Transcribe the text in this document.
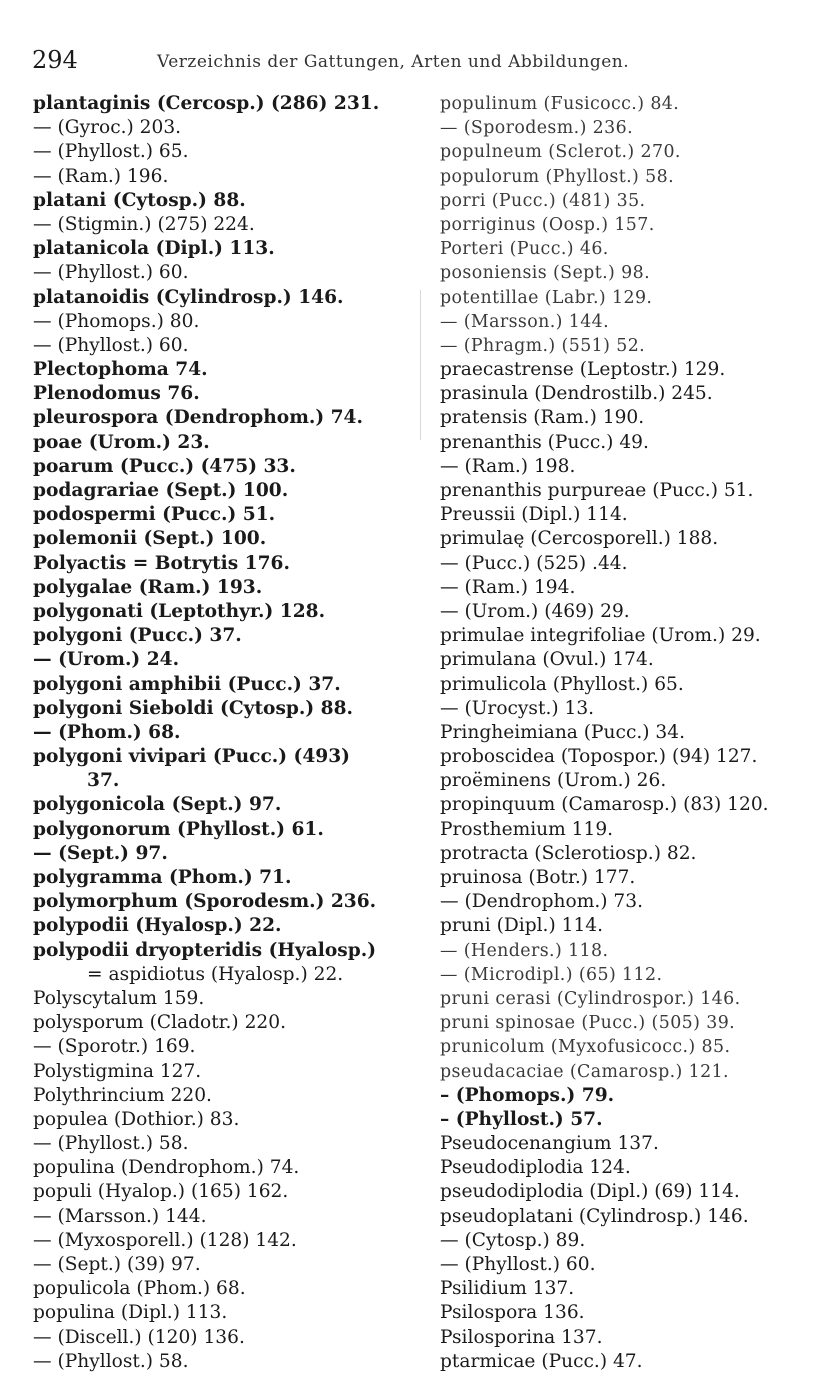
294	Verzeichnis der Gattungen, Arten und Abbildungen.
plantaginis (Cercosp.) (286) 231.
— (Gyroc.) 203.
— (Phyllost.) 65.
— (Ram.) 196.
platani (Cytosp.) 88.
— (Stigmin.) (275) 224.
platanicola (Dipl.) 113.
— (Phyllost.) 60.
platanoidis (Cylindrosp.) 146.
— (Phomops.) 80.
— (Phyllost.) 60.
Plectophoma 74.
Plenodomus 76.
pleurospora (Dendrophom.) 74.
poae (Urom.) 23.
poarum (Pucc.) (475) 33.
podagrariae (Sept.) 100.
podospermi (Pucc.) 51.
polemonii (Sept.) 100.
Polyactis = Botrytis 176.
polygalae (Ram.) 193.
polygonati (Leptothyr.) 128.
polygoni (Pucc.) 37.
— (Urom.) 24.
polygoni amphibii (Pucc.) 37.
polygoni Sieboldi (Cytosp.) 88.
— (Phom.) 68.
polygoni vivipari (Pucc.) (493)
37.
polygonicola (Sept.) 97.
polygonorum (Phyllost.) 61.
— (Sept.) 97.
polygramma (Phom.) 71.
polymorphum (Sporodesm.) 236.
polypodii (Hyalosp.) 22.
polypodii dryopteridis (Hyalosp.)
= aspidiotus (Hyalosp.) 22.
Polyscytalum 159.
polysporum (Cladotr.) 220.
— (Sporotr.) 169.
Polystigmina 127.
Polythrincium 220.
populea (Dothior.) 83.
— (Phyllost.) 58.
populina (Dendrophom.) 74.
populi (Hyalop.) (165) 162.
— (Marsson.) 144.
— (Myxosporell.) (128) 142.
— (Sept.) (39) 97.
populicola (Phom.) 68.
populina (Dipl.) 113.
— (Discell.) (120) 136.
— (Phyllost.) 58.
populinum (Fusicocc.) 84.
— (Sporodesm.) 236.
populneum (Sclerot.) 270.
populorum (Phyllost.) 58.
porri (Pucc.) (481) 35.
porriginus (Oosp.) 157.
Porteri (Pucc.) 46.
posoniensis (Sept.) 98.
potentillae (Labr.) 129.
— (Marsson.) 144.
— (Phragm.) (551) 52.
praecastrense (Leptostr.) 129.
prasinula (Dendrostilb.) 245.
pratensis (Ram.) 190.
prenanthis (Pucc.) 49.
— (Ram.) 198.
prenanthis purpureae (Pucc.) 51.
Preussii (Dipl.) 114.
primulaę (Cercosporell.) 188.
— (Pucc.) (525) .44.
— (Ram.) 194.
— (Urom.) (469) 29.
primulae integrifoliae (Urom.) 29.
primulana (Ovul.) 174.
primulicola (Phyllost.) 65.
— (Urocyst.) 13.
Pringheimiana (Pucc.) 34.
proboscidea (Topospor.) (94) 127.
proëminens (Urom.) 26.
propinquum (Camarosp.) (83) 120.
Prosthemium 119.
protracta (Sclerotiosp.) 82.
pruinosa (Botr.) 177.
— (Dendrophom.) 73.
pruni (Dipl.) 114.
— (Henders.) 118.
— (Microdipl.) (65) 112.
pruni cerasi (Cylindrospor.) 146.
pruni spinosae (Pucc.) (505) 39.
prunicolum (Myxofusicocc.) 85.
pseudacaciae (Camarosp.) 121.
– (Phomops.) 79.
– (Phyllost.) 57.
Pseudocenangium 137.
Pseudodiplodia 124.
pseudodiplodia (Dipl.) (69) 114.
pseudoplatani (Cylindrosp.) 146.
— (Cytosp.) 89.
— (Phyllost.) 60.
Psilidium 137.
Psilospora 136.
Psilosporina 137.
ptarmicae (Pucc.) 47.
